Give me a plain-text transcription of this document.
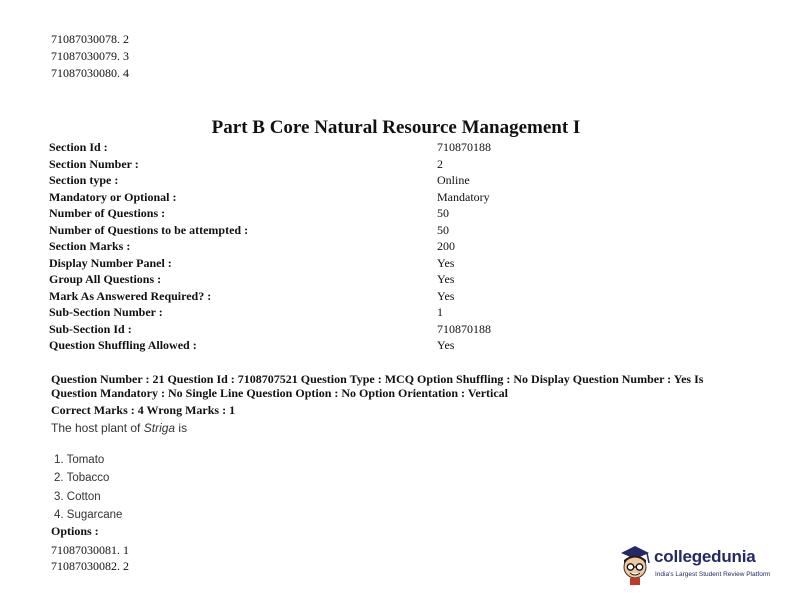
71087030078. 2
71087030079. 3
71087030080. 4
Part B Core Natural Resource Management I
Section Id :	710870188
Section Number :	2
Section type :	Online
Mandatory or Optional :	Mandatory
Number of Questions :	50
Number of Questions to be attempted :	50
Section Marks :	200
Display Number Panel :	Yes
Group All Questions :	Yes
Mark As Answered Required? :	Yes
Sub-Section Number :	1
Sub-Section Id :	710870188
Question Shuffling Allowed :	Yes
Question Number : 21 Question Id : 7108707521 Question Type : MCQ Option Shuffling : No Display Question Number : Yes Is Question Mandatory : No Single Line Question Option : No Option Orientation : Vertical
Correct Marks : 4 Wrong Marks : 1
The host plant of Striga is
1. Tomato
2. Tobacco
3. Cotton
4. Sugarcane
Options :
71087030081. 1
71087030082. 2	collegedunia
India's Largest Student Review Platform
